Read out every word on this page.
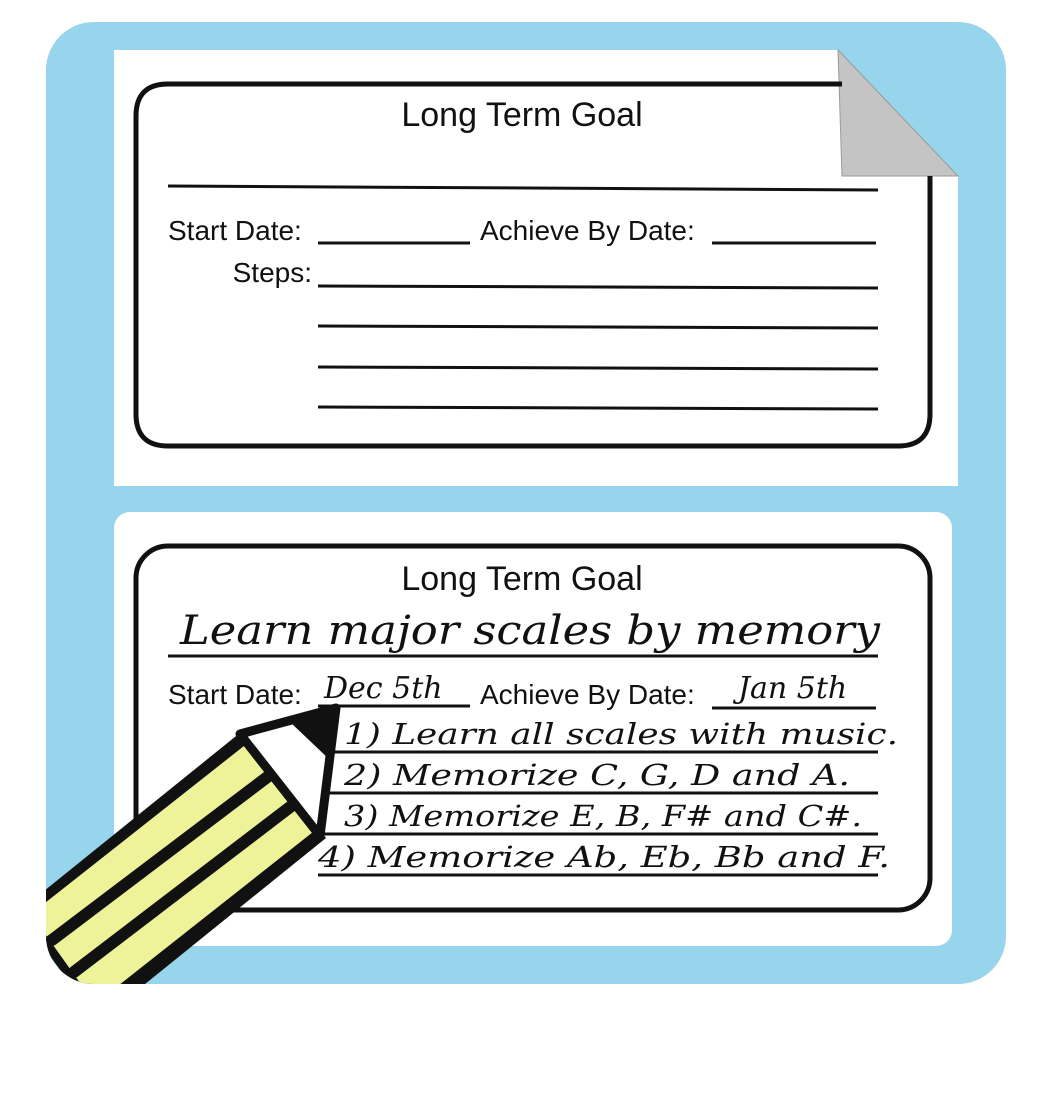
Long Term Goal
Start Date:	Achieve By Date:
Steps:
Long Term Goal
Learn major scales by memory
Start Date: Dec 5th Achieve By Date: Jan 5th
1) Learn all scales with music.
2) Memorize C, G, D and A.
3) Memorize E, B, F# and C#.
4) Memorize Ab, Eb, Bb and F.
